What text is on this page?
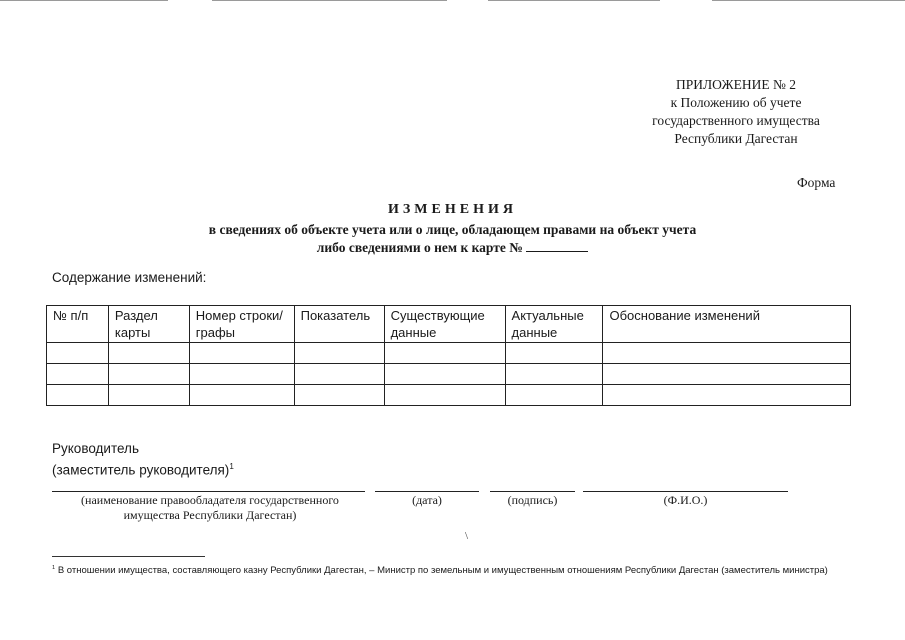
ПРИЛОЖЕНИЕ № 2
к Положению об учете
государственного имущества
Республики Дагестан
Форма
ИЗМЕНЕНИЯ
в сведениях об объекте учета или о лице, обладающем правами на объект учета
либо сведениями о нем к карте №
Содержание изменений:
№ п/п	Раздел карты	Номер строки/графы	Показатель	Существующие данные	Актуальные данные	Обоснование изменений

Руководитель
(заместитель руководителя)$^1$
(наименование правообладателя государственного имущества Республики Дагестан)
(дата)	(подпись)	(Ф.И.О.)
\
$^1$ В отношении имущества, составляющего казну Республики Дагестан, – Министр по земельным и имущественным отношениям Республики Дагестан (заместитель министра)
